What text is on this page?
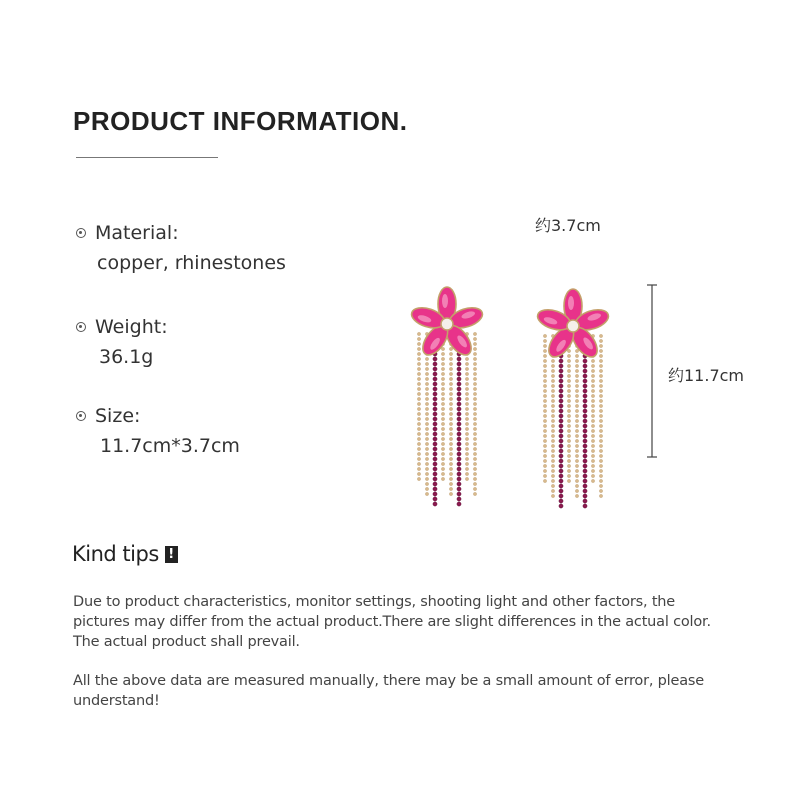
PRODUCT INFORMATION.
Material:
copper, rhinestones
Weight:
36.1g
Size:
11.7cm*3.7cm
约3.7cm
约11.7cm
Kind tips !
Due to product characteristics, monitor settings, shooting light and other factors, the pictures may differ from the actual product.There are slight differences in the actual color. The actual product shall prevail.
All the above data are measured manually, there may be a small amount of error, please understand!
